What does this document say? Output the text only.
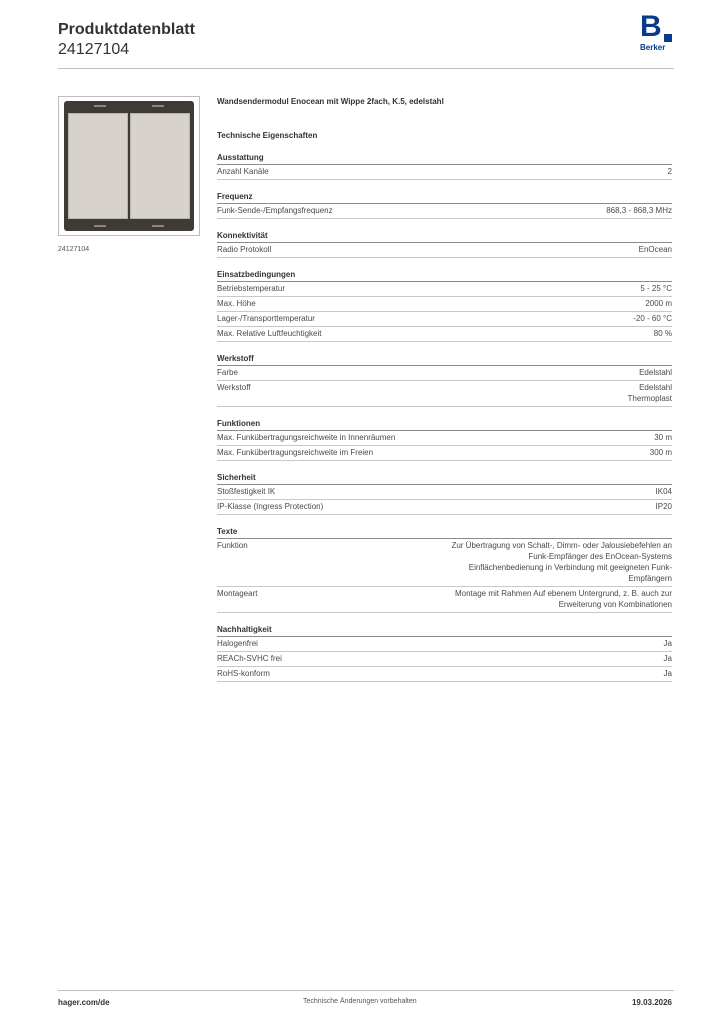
Produktdatenblatt
24127104
B
Berker
24127104
Wandsendermodul Enocean mit Wippe 2fach, K.5, edelstahl
Technische Eigenschaften
Ausstattung
Anzahl Kanäle	2
Frequenz
Funk-Sende-/Empfangsfrequenz	868,3 - 868,3 MHz
Konnektivität
Radio Protokoll	EnOcean
Einsatzbedingungen
Betriebstemperatur	5 - 25 °C
Max. Höhe	2000 m
Lager-/Transporttemperatur	-20 - 60 °C
Max. Relative Luftfeuchtigkeit	80 %
Werkstoff
Farbe	Edelstahl
Werkstoff	Edelstahl
Thermoplast
Funktionen
Max. Funkübertragungsreichweite in Innenräumen	30 m
Max. Funkübertragungsreichweite im Freien	300 m
Sicherheit
Stoßfestigkeit IK	IK04
IP-Klasse (Ingress Protection)	IP20
Texte
Funktion	Zur Übertragung von Schalt-, Dimm- oder Jalousiebefehlen an Funk-Empfänger des EnOcean-Systems
Einflächenbedienung in Verbindung mit geeigneten Funk-Empfängern
Montageart	Montage mit Rahmen Auf ebenem Untergrund, z. B. auch zur Erweiterung von Kombinationen
Nachhaltigkeit
Halogenfrei	Ja
REACh-SVHC frei	Ja
RoHS-konform	Ja
hager.com/de	Technische Änderungen vorbehalten	19.03.2026
